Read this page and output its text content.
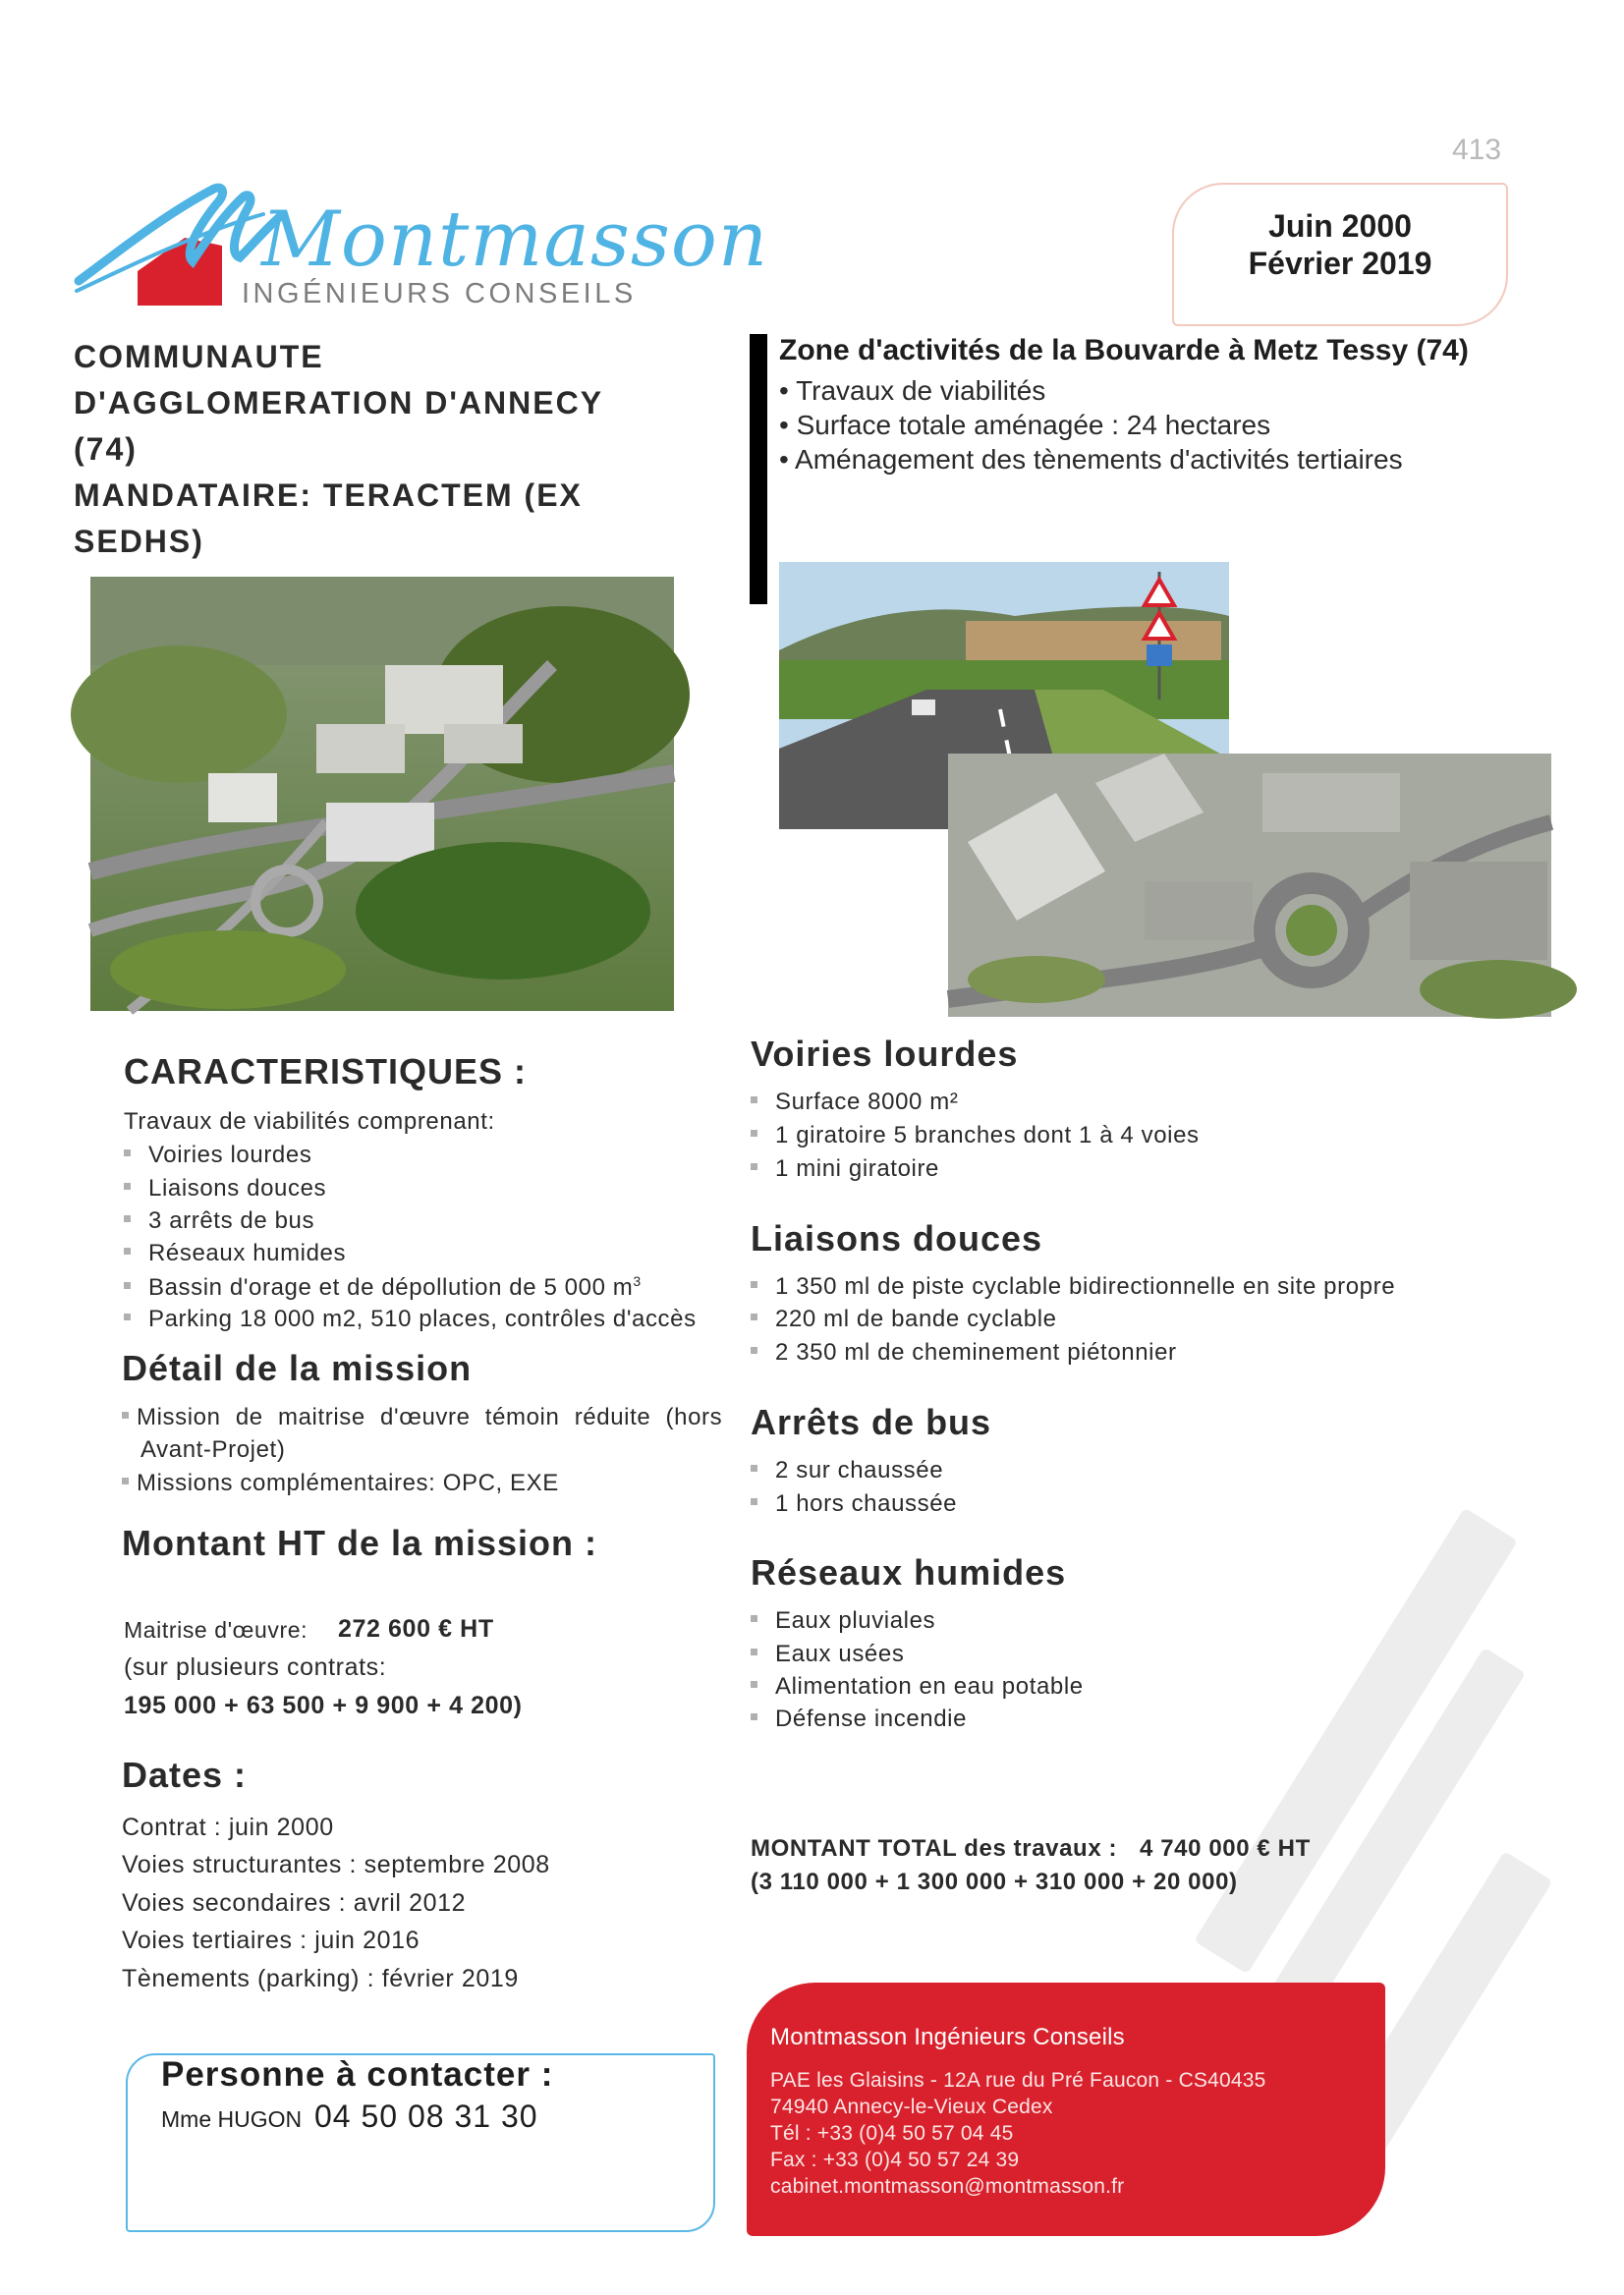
413
Montmasson
INGÉNIEURS CONSEILS
Juin 2000
Février 2019
COMMUNAUTE
D'AGGLOMERATION D'ANNECY
(74)
MANDATAIRE: TERACTEM (EX
SEDHS)
Zone d'activités de la Bouvarde à Metz Tessy (74)
• Travaux de viabilités
• Surface totale aménagée : 24 hectares
• Aménagement des tènements d'activités tertiaires
CARACTERISTIQUES :
Travaux de viabilités comprenant:
Voiries lourdes
Liaisons douces
3 arrêts de bus
Réseaux humides
Bassin d'orage et de dépollution de 5 000 $m^3$
Parking 18 000 m2, 510 places, contrôles d'accès
Détail de la mission
Mission de maitrise d'œuvre témoin réduite (hors
Avant-Projet)
Missions complémentaires: OPC, EXE
Montant HT de la mission :
Maitrise d'œuvre: 272 600 € HT
(sur plusieurs contrats:
195 000 + 63 500 + 9 900 + 4 200)
Dates :
Contrat : juin 2000
Voies structurantes : septembre 2008
Voies secondaires : avril 2012
Voies tertiaires : juin 2016
Tènements (parking) : février 2019
Personne à contacter :
Mme HUGON 04 50 08 31 30
Voiries lourdes
Surface 8000 m²
1 giratoire 5 branches dont 1 à 4 voies
1 mini giratoire
Liaisons douces
1 350 ml de piste cyclable bidirectionnelle en site propre
220 ml de bande cyclable
2 350 ml de cheminement piétonnier
Arrêts de bus
2 sur chaussée
1 hors chaussée
Réseaux humides
Eaux pluviales
Eaux usées
Alimentation en eau potable
Défense incendie
MONTANT TOTAL des travaux : 4 740 000 € HT
(3 110 000 + 1 300 000 + 310 000 + 20 000)
Montmasson Ingénieurs Conseils
PAE les Glaisins - 12A rue du Pré Faucon - CS40435
74940 Annecy-le-Vieux Cedex
Tél : +33 (0)4 50 57 04 45
Fax : +33 (0)4 50 57 24 39
cabinet.montmasson@montmasson.fr
